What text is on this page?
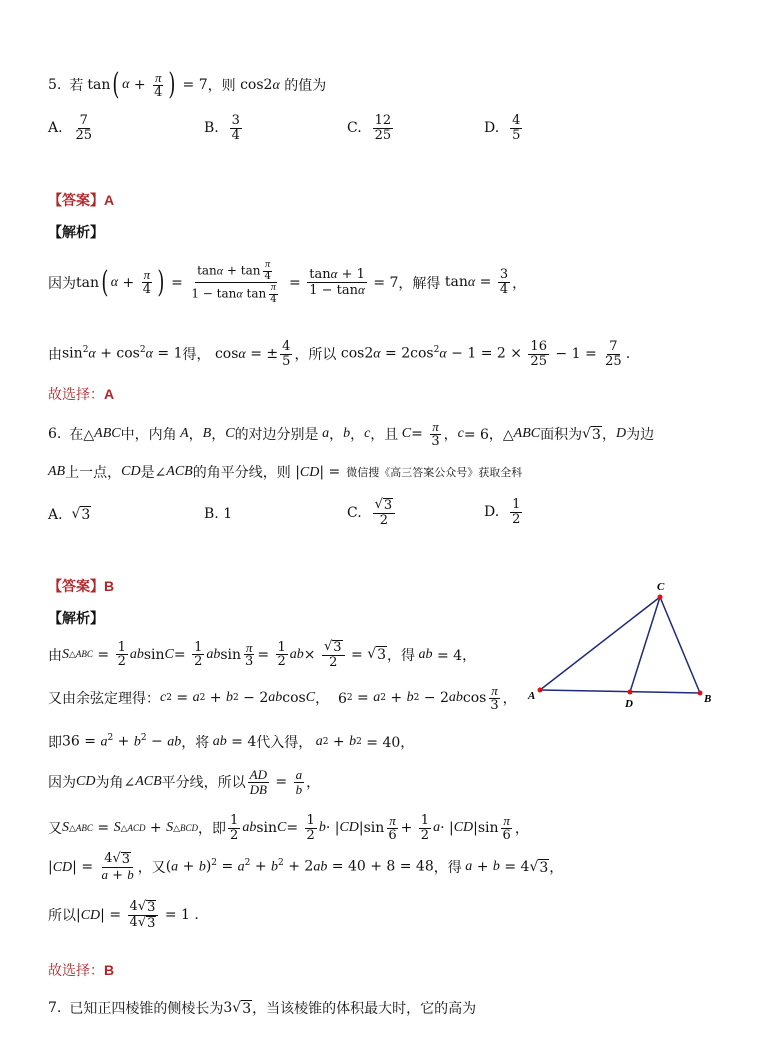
5. 若 tan ( $\alpha + \frac{\pi}{4}$ ) = 7 ，则 cos2α 的值为
A.
$\frac{7}{25}$	B.
$\frac{3}{4}$	C.
$\frac{12}{25}$	D.
$\frac{4}{5}$
【答案】A
【解析】
因为 tan ( $\alpha + \frac{\pi}{4}$ ) = $\frac{\tan\alpha + \tan \frac{\pi}{4}}{1 - \tan\alpha \tan \frac{\pi}{4}} = \frac{\tan\alpha + 1}{1 - \tan\alpha} = 7$ ，解得 $\tan\alpha = \frac{3}{4}$ ，
由 $\sin^2\alpha + \cos^2\alpha = 1$ 得， cosα = ± $\frac{4}{5}$ ，所以 $\cos 2\alpha = 2\cos^2\alpha - 1 = 2 \times \frac{16}{25} - 1 = \frac{7}{25}$ .
故选择： A
6. 在△ ABC 中，内角 A ， B ， C 的对边分别是 a ， b ， c ，且 $C = \frac{\pi}{3}$ ， c = 6，△ ABC 面积为 √ 3 ， D 为边
AB 上一点， CD 是∠ ACB 的角平分线，则 |CD| = 微信搜《高三答案公众号》获取全科
A.
√ 3	B.
1	C.
$\frac{√ 3}{2}$	D.
$\frac{1}{2}$
【答案】B
【解析】
C
A
D	B
由 S △ABC = $\frac{1}{2}$ ab $\sin C = \frac{1}{2}$ ab $\sin \frac{\pi}{3} = \frac{1}{2}$ ab × $\frac{√ 3}{2}$ = √ 3 ，得 ab = 4，
又由余弦定理得： c 2 = a 2 + b 2 − 2 ab cos C ，  6 2 = a 2 + b 2 − 2 ab $\cos \frac{\pi}{3}$ ，
即 $36 = a^2 + b^2$ − ab ，将 ab = 4 代入得， a 2 + b 2 = 40，
因为 CD 为角∠ ACB 平分线，所以 $\frac{AD}{DB} = \frac{a}{b}$ ，
又 S △ABC = S △ACD + S △BCD ，即 $\frac{1}{2}$ ab $\sin C = \frac{1}{2}$ b · | CD $|\sin \frac{\pi}{6} + \frac{1}{2}$ a · | CD $|\sin \frac{\pi}{6}$ ，
$|CD| = \frac{4√ 3}{a + b}$ ，又 $(a + b)^2 = a^2 + b^2 + 2ab = 40 + 8 = 48$ ，得 a + b = 4 √ 3 ，
所以 $|CD| = \frac{4√ 3}{4√ 3} = 1$ .
故选择： B
7. 已知正四棱锥的侧棱长为 3√ 3 ，当该棱锥的体积最大时，它的高为
